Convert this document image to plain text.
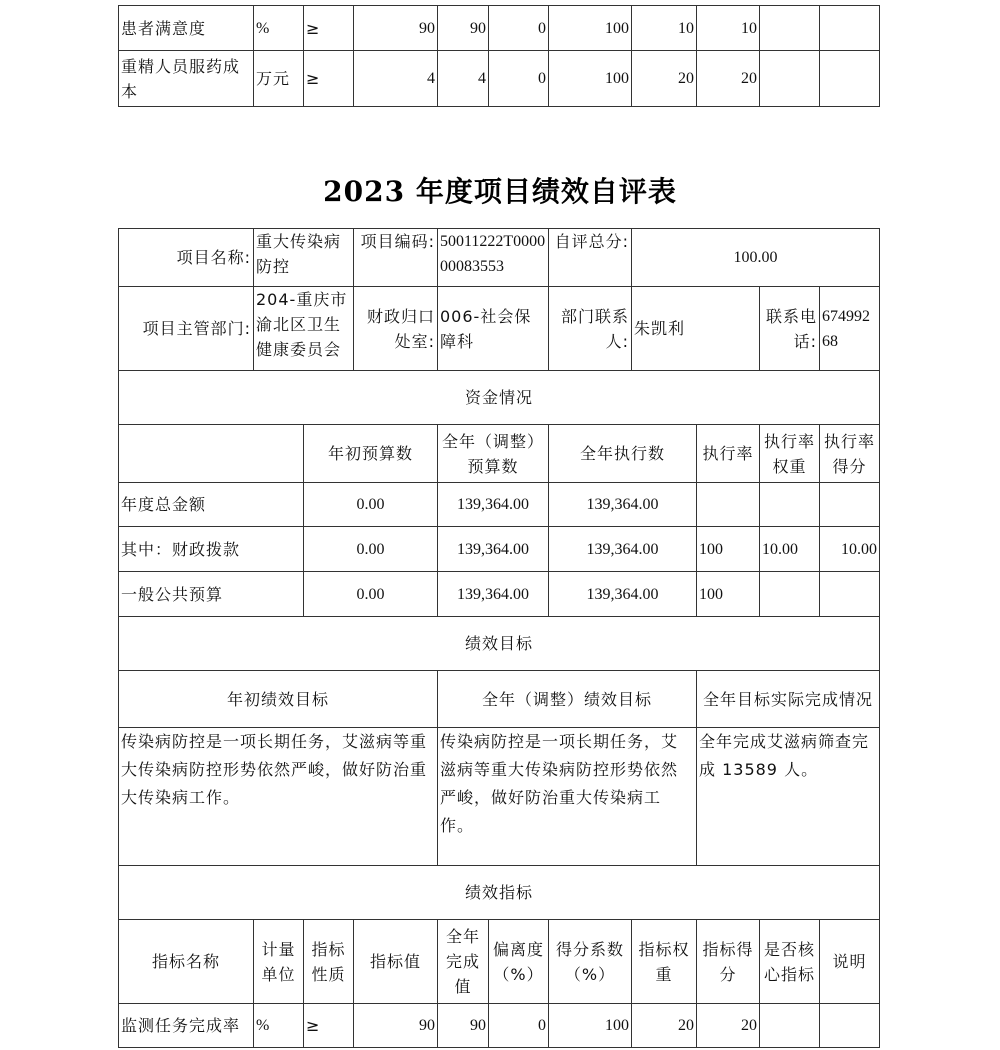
患者满意度	%	≥	90	90	0	100	10	10		
重精人员服药成本	万元	≥	4	4	0	100	20	20		
2023 年度项目绩效自评表
项目名称:	重大传染病防控		项目编码:	50011222T000000083553		自评总分:	100.00			
项目主管部门:	204-重庆市渝北区卫生健康委员会		财政归口处室:	006-社会保障科		部门联系人:	朱凯利		联系电话:	67499268
资金情况										
		年初预算数		全年（调整）预算数		全年执行数		执行率	执行率权重	执行率得分
年度总金额		0.00		139,364.00		139,364.00				
其中：财政拨款		0.00		139,364.00		139,364.00		100	10.00	10.00
一般公共预算		0.00		139,364.00		139,364.00		100		
绩效目标										
年初绩效目标				全年（调整）绩效目标				全年目标实际完成情况		
传染病防控是一项长期任务，艾滋病等重大传染病防控形势依然严峻，做好防治重大传染病工作。				传染病防控是一项长期任务，艾滋病等重大传染病防控形势依然严峻，做好防治重大传染病工作。				全年完成艾滋病筛查完成 13589 人。		
绩效指标										
指标名称	计量单位	指标性质	指标值	全年完成值	偏离度（%）	得分系数（%）	指标权重	指标得分	是否核心指标	说明
监测任务完成率	%	≥	90	90	0	100	20	20		
